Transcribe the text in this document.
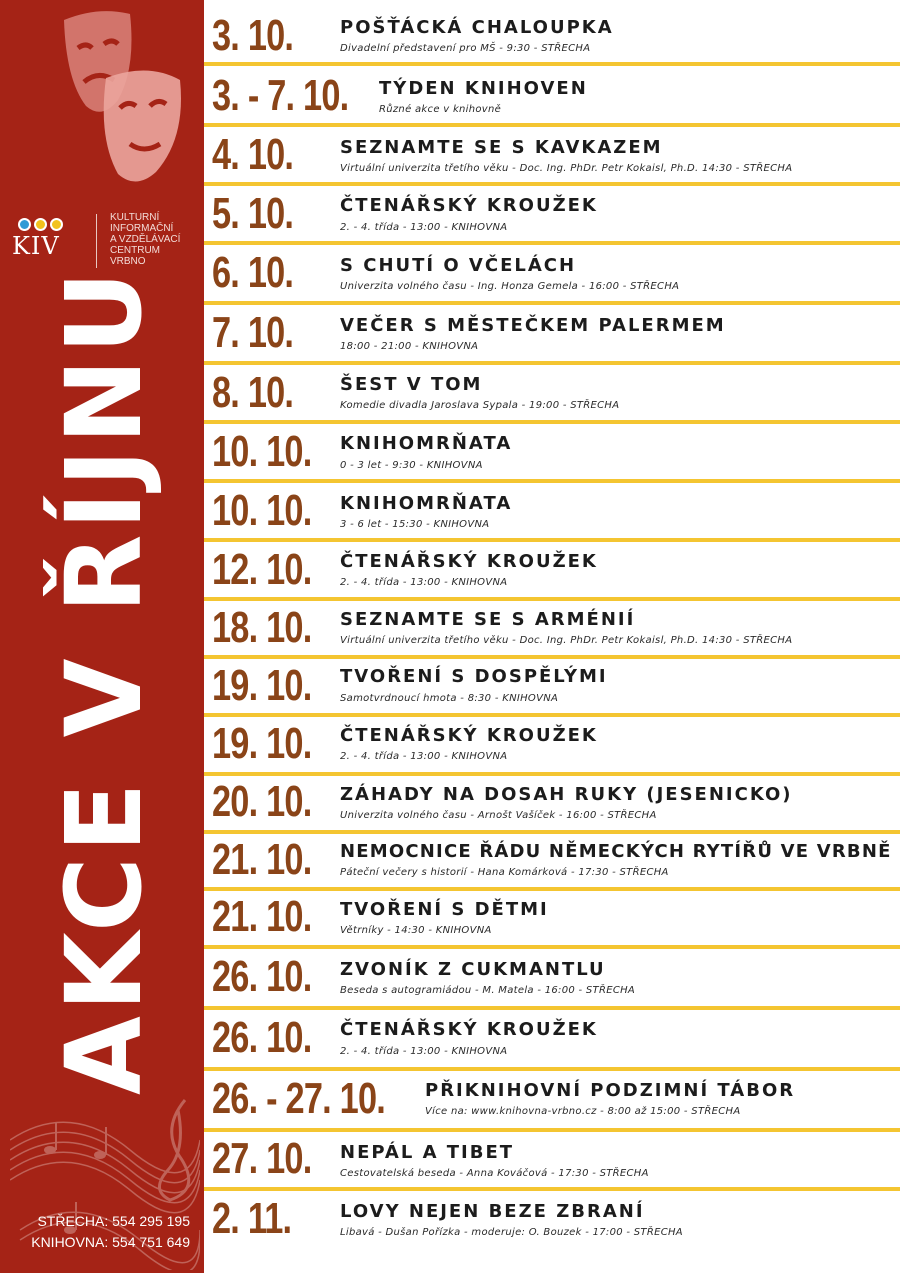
KIV
KULTURNÍ
INFORMAČNÍ
A VZDĚLÁVACÍ
CENTRUM
VRBNO
AKCE V ŘÍJNU
STŘECHA: 554 295 195
KNIHOVNA: 554 751 649
3. 10.	POŠŤÁCKÁ CHALOUPKA
Divadelní představení pro MŠ - 9:30 - STŘECHA
3. - 7. 10. TÝDEN KNIHOVEN
Různé akce v knihovně
4. 10.	SEZNAMTE SE S KAVKAZEM
Virtuální univerzita třetího věku - Doc. Ing. PhDr. Petr Kokaisl, Ph.D. 14:30 - STŘECHA
5. 10.	ČTENÁŘSKÝ KROUŽEK
2. - 4. třída - 13:00 - KNIHOVNA
6. 10.	S CHUTÍ O VČELÁCH
Univerzita volného času - Ing. Honza Gemela - 16:00 - STŘECHA
7. 10.	VEČER S MĚSTEČKEM PALERMEM
18:00 - 21:00 - KNIHOVNA
8. 10.	ŠEST V TOM
Komedie divadla Jaroslava Sypala - 19:00 - STŘECHA
10. 10. KNIHOMRŇATA
0 - 3 let - 9:30 - KNIHOVNA
10. 10. KNIHOMRŇATA
3 - 6 let - 15:30 - KNIHOVNA
12. 10. ČTENÁŘSKÝ KROUŽEK
2. - 4. třída - 13:00 - KNIHOVNA
18. 10. SEZNAMTE SE S ARMÉNIÍ
Virtuální univerzita třetího věku - Doc. Ing. PhDr. Petr Kokaisl, Ph.D. 14:30 - STŘECHA
19. 10. TVOŘENÍ S DOSPĚLÝMI
Samotvrdnoucí hmota - 8:30 - KNIHOVNA
19. 10. ČTENÁŘSKÝ KROUŽEK
2. - 4. třída - 13:00 - KNIHOVNA
20. 10. ZÁHADY NA DOSAH RUKY (JESENICKO)
Univerzita volného času - Arnošt Vašíček - 16:00 - STŘECHA
21. 10. NEMOCNICE ŘÁDU NĚMECKÝCH RYTÍŘŮ VE VRBNĚ
Páteční večery s historií - Hana Komárková - 17:30 - STŘECHA
21. 10. TVOŘENÍ S DĚTMI
Větrníky - 14:30 - KNIHOVNA
26. 10. ZVONÍK Z CUKMANTLU
Beseda s autogramiádou - M. Matela - 16:00 - STŘECHA
26. 10. ČTENÁŘSKÝ KROUŽEK
2. - 4. třída - 13:00 - KNIHOVNA
26. - 27. 10. PŘIKNIHOVNÍ PODZIMNÍ TÁBOR
Více na: www.knihovna-vrbno.cz - 8:00 až 15:00 - STŘECHA
27. 10. NEPÁL A TIBET
Cestovatelská beseda - Anna Kováčová - 17:30 - STŘECHA
2. 11.	LOVY NEJEN BEZE ZBRANÍ
Libavá - Dušan Pořízka - moderuje: O. Bouzek - 17:00 - STŘECHA
